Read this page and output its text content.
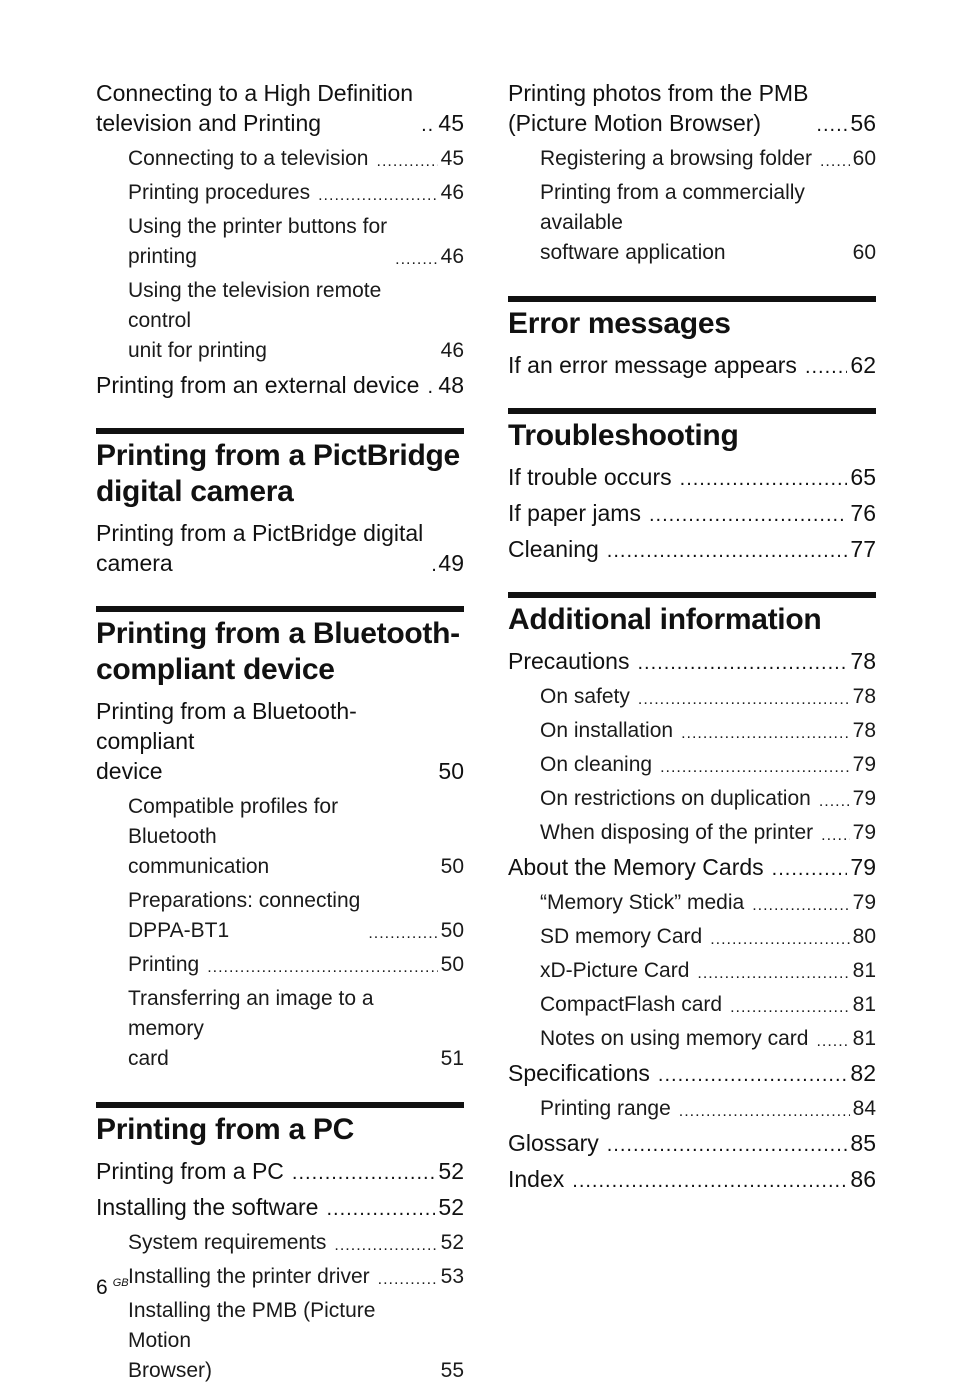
Connecting to a High Definition
television and Printing .....	45
Connecting to a television .....	45
Printing procedures .....	46
Using the printer buttons for
printing .....	46
Using the television remote control
unit for printing	46
Printing from an external device ..... 48
Printing from a PictBridge
digital camera
Printing from a PictBridge digital
camera .....	49
Printing from a Bluetooth-
compliant device
Printing from a Bluetooth-compliant
device	50
Compatible profiles for Bluetooth
communication	50
Preparations: connecting
DPPA-BT1 .....	50
Printing .....	50
Transferring an image to a memory
card	51
Printing from a PC
Printing from a PC .....	52
Installing the software .....	52
System requirements .....	52
Installing the printer driver .....	53
Installing the PMB (Picture Motion
Browser)	55
Printing photos from the PMB
(Picture Motion Browser) .....	56
Registering a browsing folder ..... 60
Printing from a commercially available
software application	60
Error messages
If an error message appears ..... 62
Troubleshooting
If trouble occurs .....	65
If paper jams .....	76
Cleaning .....	77
Additional information
Precautions .....	78
On safety .....	78
On installation .....	78
On cleaning .....	79
On restrictions on duplication ..... 79
When disposing of the printer ..... 79
About the Memory Cards .....	79
“Memory Stick” media .....	79
SD memory Card .....	80
xD-Picture Card .....	81
CompactFlash card .....	81
Notes on using memory card ..... 81
Specifications .....	82
Printing range .....	84
Glossary .....	85
Index .....	86
6 $^{GB}$
